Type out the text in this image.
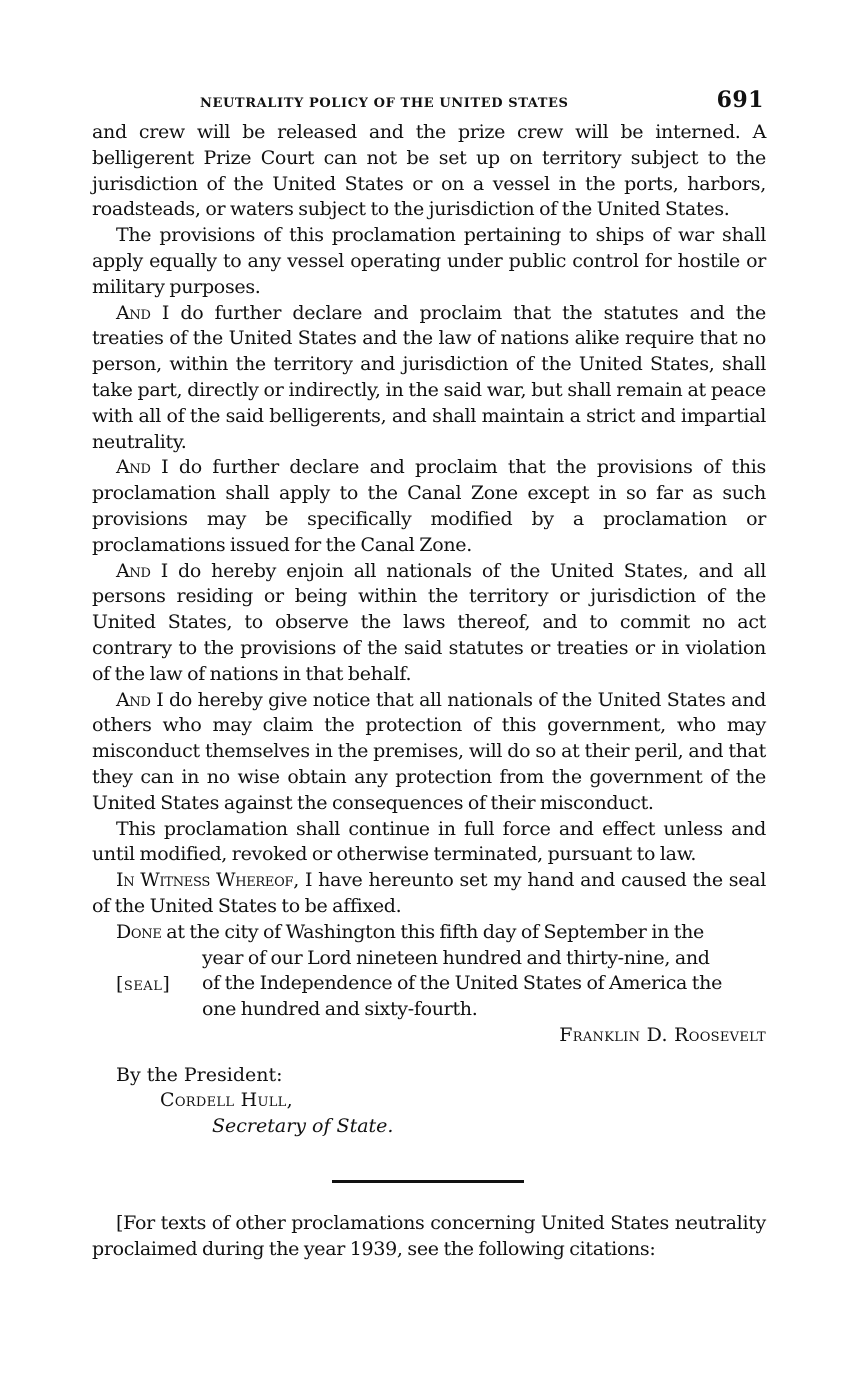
NEUTRALITY POLICY OF THE UNITED STATES	691

and crew will be released and the prize crew will be interned. A belligerent Prize Court can not be set up on territory subject to the jurisdiction of the United States or on a vessel in the ports, harbors, roadsteads, or waters subject to the jurisdiction of the United States.

The provisions of this proclamation pertaining to ships of war shall apply equally to any vessel operating under public control for hostile or military purposes.

And I do further declare and proclaim that the statutes and the treaties of the United States and the law of nations alike require that no person, within the territory and jurisdiction of the United States, shall take part, directly or indirectly, in the said war, but shall remain at peace with all of the said belligerents, and shall maintain a strict and impartial neutrality.

And I do further declare and proclaim that the provisions of this proclamation shall apply to the Canal Zone except in so far as such provisions may be specifically modified by a proclamation or proclamations issued for the Canal Zone.

And I do hereby enjoin all nationals of the United States, and all persons residing or being within the territory or jurisdiction of the United States, to observe the laws thereof, and to commit no act contrary to the provisions of the said statutes or treaties or in violation of the law of nations in that behalf.

And I do hereby give notice that all nationals of the United States and others who may claim the protection of this government, who may misconduct themselves in the premises, will do so at their peril, and that they can in no wise obtain any protection from the government of the United States against the consequences of their misconduct.

This proclamation shall continue in full force and effect unless and until modified, revoked or otherwise terminated, pursuant to law.

In Witness Whereof, I have hereunto set my hand and caused the seal of the United States to be affixed.

Done at the city of Washington this fifth day of September in the

year of our Lord nineteen hundred and thirty-nine, and

of the Independence of the United States of America the

one hundred and sixty-fourth.

[seal]

Franklin D. Roosevelt

By the President:

Cordell Hull,

Secretary of State.

[For texts of other proclamations concerning United States neutrality proclaimed during the year 1939, see the following citations:
